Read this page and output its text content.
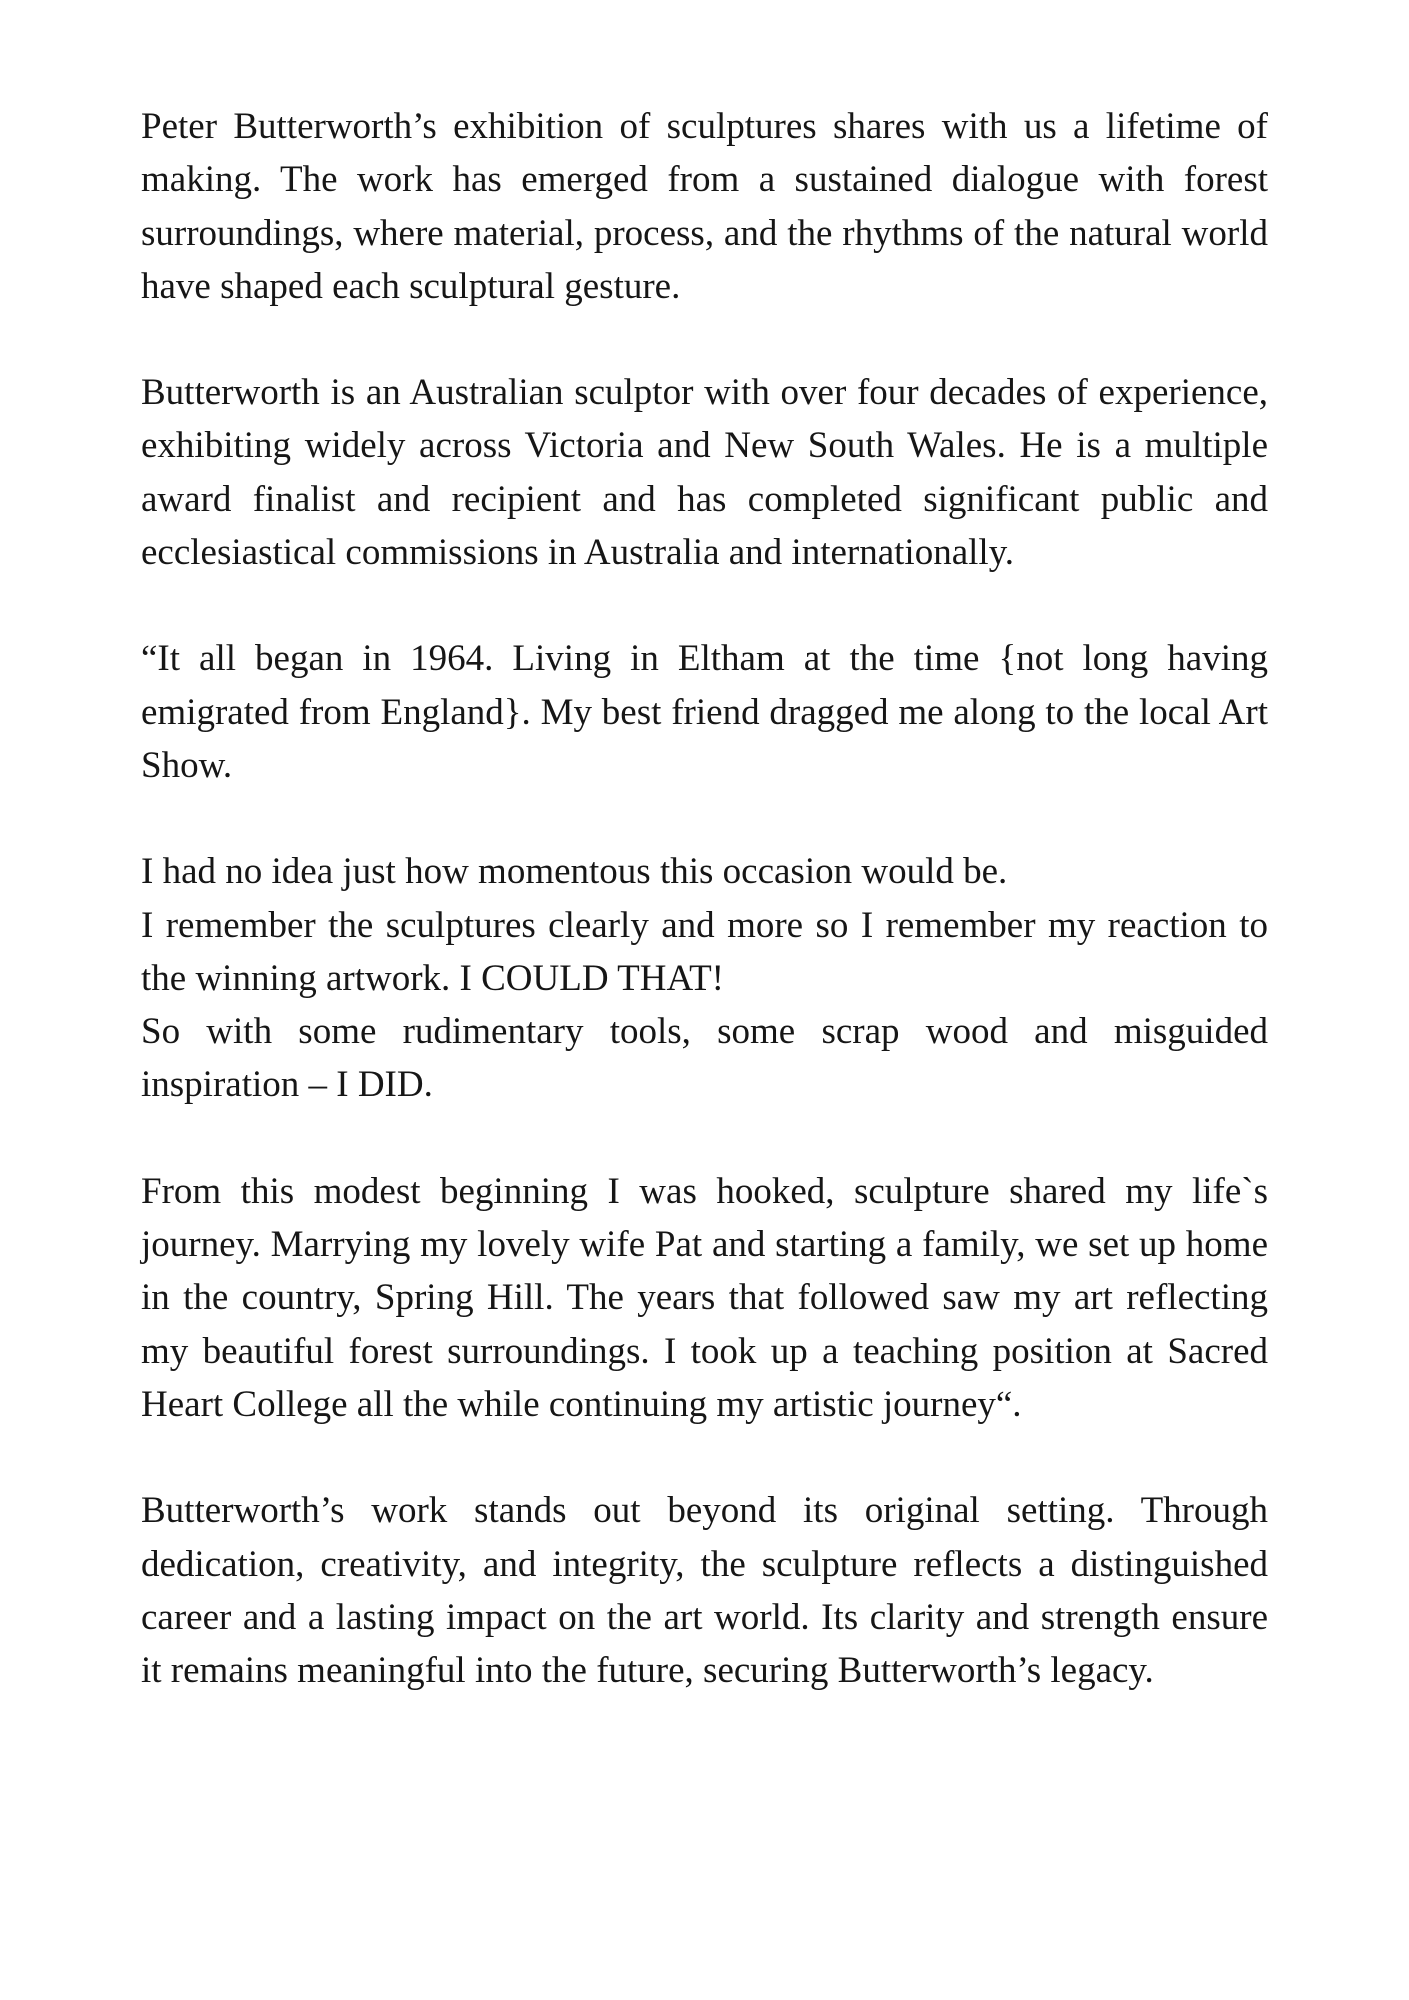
Peter Butterworth’s exhibition of sculptures shares with us a lifetime of making. The work has emerged from a sustained dialogue with forest surroundings, where material, process, and the rhythms of the natural world have shaped each sculptural gesture.

Butterworth is an Australian sculptor with over four decades of experience, exhibiting widely across Victoria and New South Wales. He is a multiple award finalist and recipient and has completed significant public and ecclesiastical commissions in Australia and internationally.

“It all began in 1964. Living in Eltham at the time {not long having emigrated from England}. My best friend dragged me along to the local Art Show.

I had no idea just how momentous this occasion would be.
I remember the sculptures clearly and more so I remember my reaction to the winning artwork. I COULD THAT!
So with some rudimentary tools, some scrap wood and misguided inspiration – I DID.

From this modest beginning I was hooked, sculpture shared my life`s journey. Marrying my lovely wife Pat and starting a family, we set up home in the country, Spring Hill. The years that followed saw my art reflecting my beautiful forest surroundings. I took up a teaching position at Sacred Heart College all the while continuing my artistic journey“.

Butterworth’s work stands out beyond its original setting. Through dedication, creativity, and integrity, the sculpture reflects a distinguished career and a lasting impact on the art world. Its clarity and strength ensure it remains meaningful into the future, securing Butterworth’s legacy.
